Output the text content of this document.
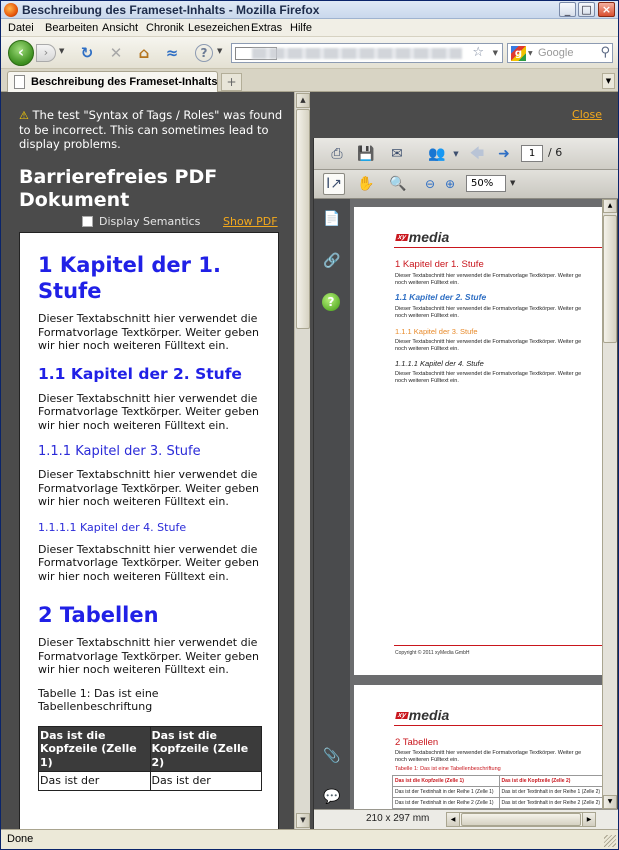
Beschreibung des Frameset-Inhalts - Mozilla Firefox	_	□ ×
Datei Bearbeiten Ansicht Chronik Lesezeichen Extras Hilfe
‹	›	▼ ↻ ✕ ⌂ ≈	?	▼	☆ ▼	g ▼ Google ⚲
Beschreibung des Frameset-Inhalts +	▼
⚠ The test "Syntax of Tags / Roles" was found to be incorrect. This can sometimes lead to display problems.
Barrierefreies PDF Dokument
Display Semantics Show PDF
1 Kapitel der 1. Stufe
Dieser Textabschnitt hier verwendet die Formatvorlage Textkörper. Weiter geben wir hier noch weiteren Fülltext ein.
1.1 Kapitel der 2. Stufe
Dieser Textabschnitt hier verwendet die Formatvorlage Textkörper. Weiter geben wir hier noch weiteren Fülltext ein.
1.1.1 Kapitel der 3. Stufe
Dieser Textabschnitt hier verwendet die Formatvorlage Textkörper. Weiter geben wir hier noch weiteren Fülltext ein.
1.1.1.1 Kapitel der 4. Stufe
Dieser Textabschnitt hier verwendet die Formatvorlage Textkörper. Weiter geben wir hier noch weiteren Fülltext ein.
2 Tabellen
Dieser Textabschnitt hier verwendet die Formatvorlage Textkörper. Weiter geben wir hier noch weiteren Fülltext ein.
Tabelle 1: Das ist eine Tabellenbeschriftung
Das ist die Kopfzeile (Zelle 1)	Das ist die Kopfzeile (Zelle 2)
Das ist der	Das ist der
▲
▼
Close
⎙	💾	✉	👥	▼ 🡄 ➜	1	/ 6
I↗ ✋ 🔍	⊖ ⊕	50%	▼
📄
🔗
?
📎
💬
xy media
1 Kapitel der 1. Stufe
Dieser Textabschnitt hier verwendet die Formatvorlage Textkörper. Weiter ge
noch weiteren Fülltext ein.
1.1 Kapitel der 2. Stufe
Dieser Textabschnitt hier verwendet die Formatvorlage Textkörper. Weiter ge
noch weiteren Fülltext ein.
1.1.1 Kapitel der 3. Stufe
Dieser Textabschnitt hier verwendet die Formatvorlage Textkörper. Weiter ge
noch weiteren Fülltext ein.
1.1.1.1 Kapitel der 4. Stufe
Dieser Textabschnitt hier verwendet die Formatvorlage Textkörper. Weiter ge
noch weiteren Fülltext ein.
Copyright © 2011 xyMedia GmbH
xy media
2 Tabellen
Dieser Textabschnitt hier verwendet die Formatvorlage Textkörper. Weiter ge
noch weiteren Fülltext ein.
Tabelle 1: Das ist eine Tabellenbeschriftung
Das ist die Kopfzeile (Zelle 1)	Das ist die Kopfzeile (Zelle 2)
Das ist der Textinhalt in der Reihe 1 (Zelle 1)	Das ist der Textinhalt in der Reihe 1 (Zelle 2)
Das ist der Textinhalt in der Reihe 2 (Zelle 1)	Das ist der Textinhalt in der Reihe 2 (Zelle 2)
▲
▼
210 x 297 mm	◀	▶
Done
